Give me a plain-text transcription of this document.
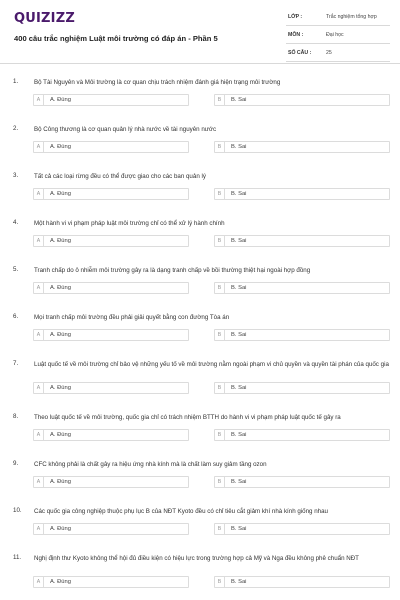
QUIZIZZ
400 câu trắc nghiệm Luật môi trường có đáp án - Phần 5
LỚP :	Trắc nghiệm tổng hợp
MÔN :	Đại học
SỐ CÂU :	25
1.	Bộ Tài Nguyên và Môi trường là cơ quan chịu trách nhiệm đánh giá hiện trạng môi trường
A	A. Đúng	B	B. Sai
2.	Bộ Công thương là cơ quan quản lý nhà nước về tài nguyên nước
A	A. Đúng	B	B. Sai
3.	Tất cả các loại rừng đều có thể được giao cho các ban quản lý
A	A. Đúng	B	B. Sai
4.	Một hành vi vi phạm pháp luật môi trường chỉ có thể xử lý hành chính
A	A. Đúng	B	B. Sai
5.	Tranh chấp do ô nhiễm môi trường gây ra là dạng tranh chấp về bồi thường thiệt hại ngoài hợp đồng
A	A. Đúng	B	B. Sai
6.	Mọi tranh chấp môi trường đều phải giải quyết bằng con đường Tòa án
A	A. Đúng	B	B. Sai
7.	Luật quốc tế về môi trường chỉ bảo vệ những yếu tố về môi trường nằm ngoài phạm vi chủ quyền và quyền tài phán của quốc gia
A	A. Đúng	B	B. Sai
8.	Theo luật quốc tế về môi trường, quốc gia chỉ có trách nhiệm BTTH do hành vi vi phạm pháp luật quốc tế gây ra
A	A. Đúng	B	B. Sai
9.	CFC không phải là chất gây ra hiệu ứng nhà kính mà là chất làm suy giảm tầng ozon
A	A. Đúng	B	B. Sai
10. Các quốc gia công nghiệp thuộc phụ lục B của NĐT Kyoto đều có chỉ tiêu cắt giảm khí nhà kính giống nhau
A	A. Đúng	B	B. Sai
11. Nghị định thư Kyoto không thể hội đủ điều kiện có hiệu lực trong trường hợp cả Mỹ và Nga đều không phê chuẩn NĐT
A	A. Đúng	B	B. Sai
